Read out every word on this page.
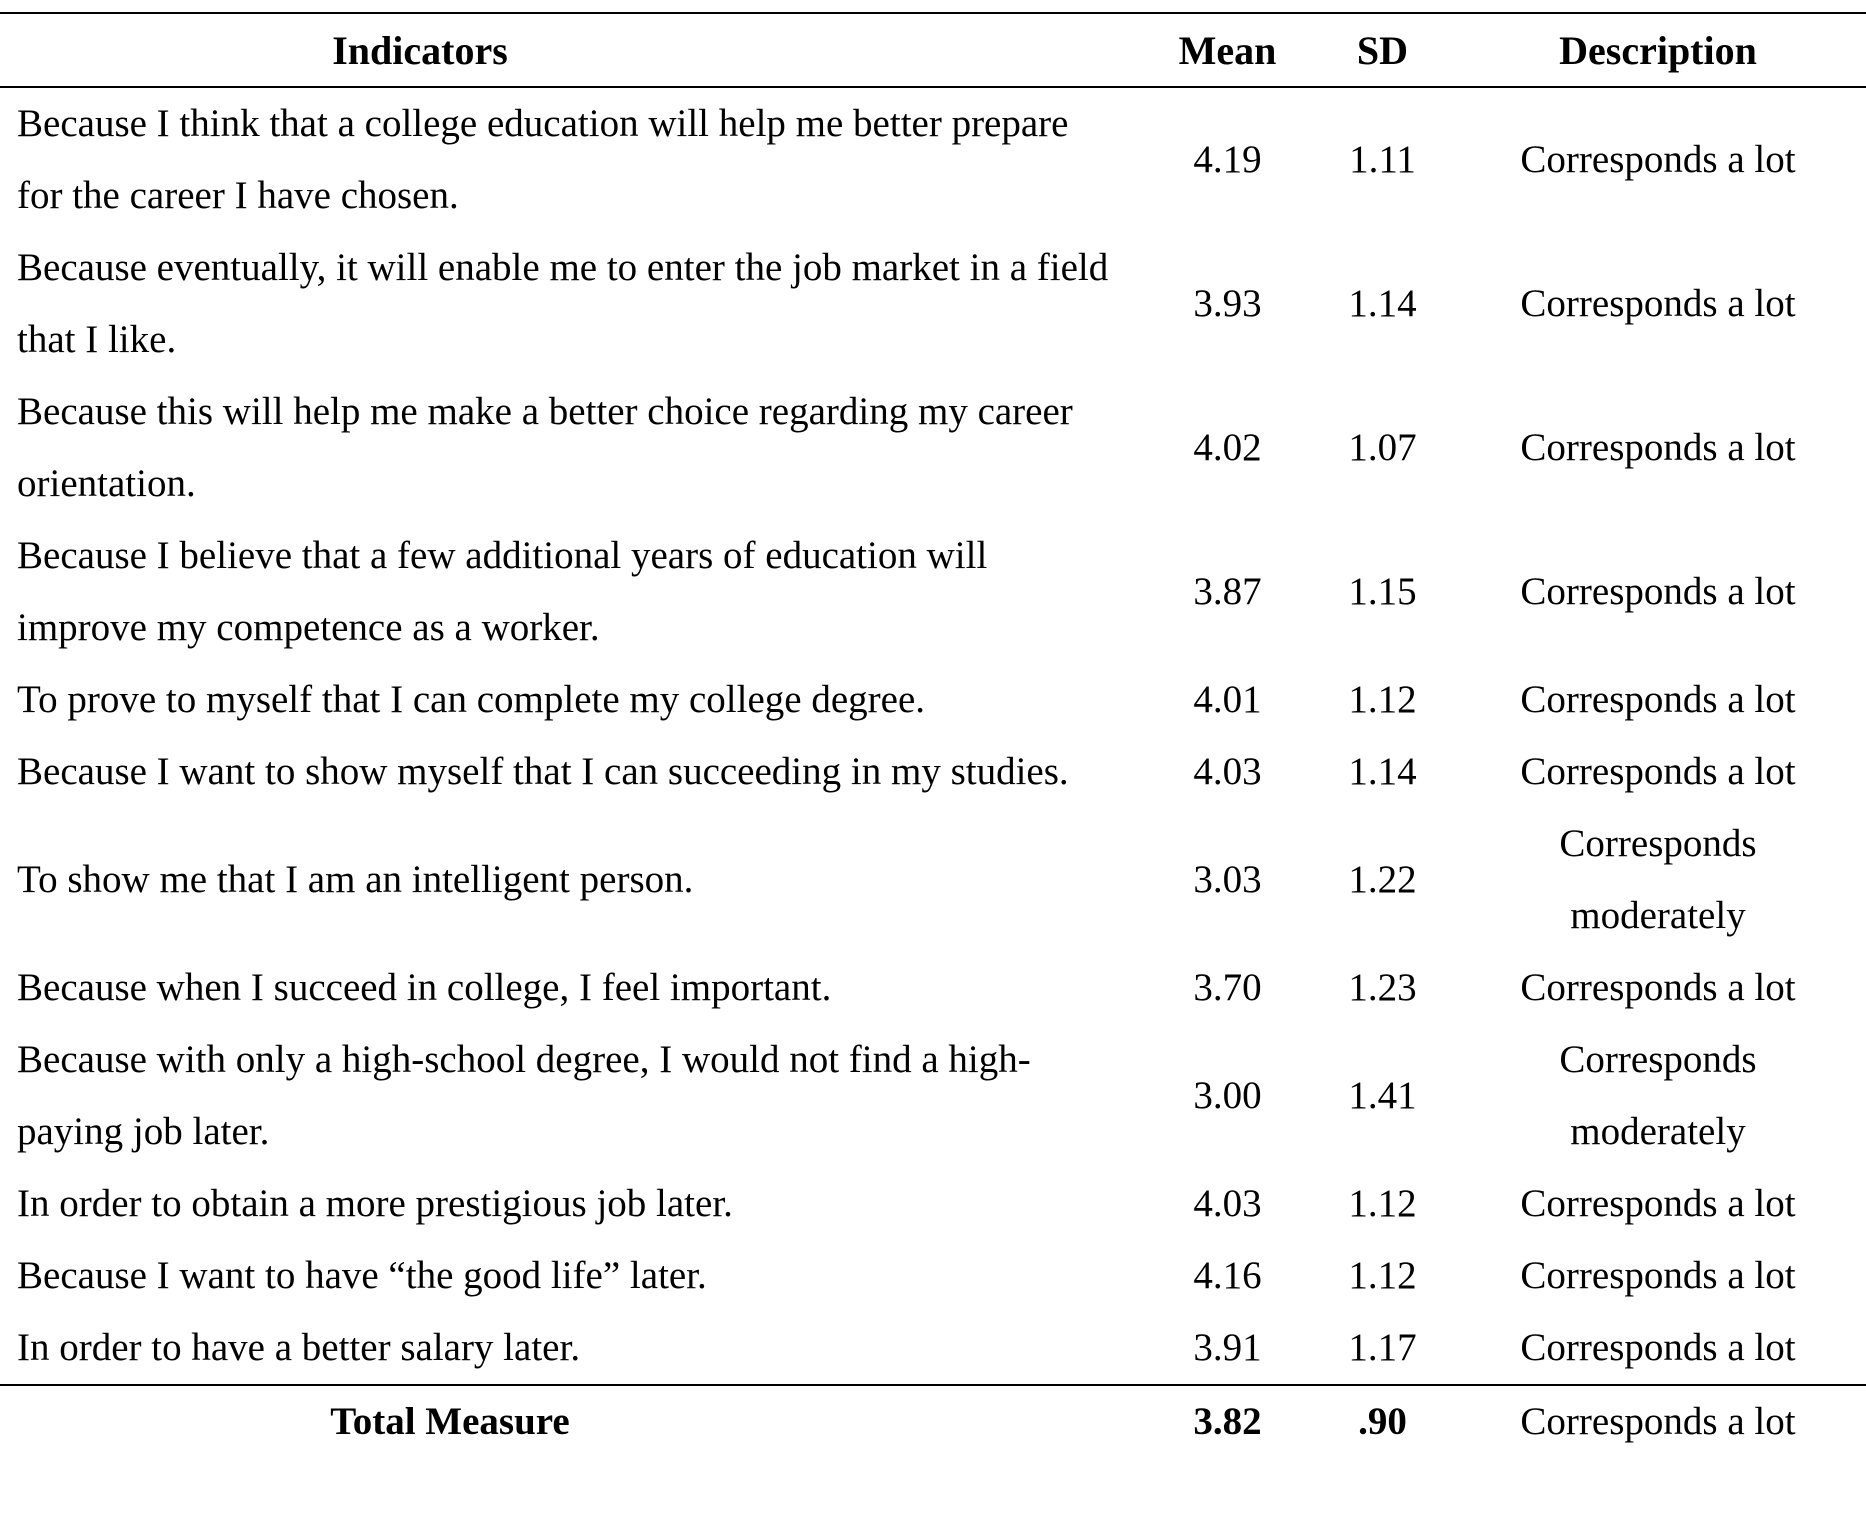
Indicators	Mean	SD	Description
Because I think that a college education will help me better prepare for the career I have chosen.	4.19	1.11	Corresponds a lot
Because eventually, it will enable me to enter the job market in a field that I like.	3.93	1.14	Corresponds a lot
Because this will help me make a better choice regarding my career orientation.	4.02	1.07	Corresponds a lot
Because I believe that a few additional years of education will improve my competence as a worker.	3.87	1.15	Corresponds a lot
To prove to myself that I can complete my college degree.	4.01	1.12	Corresponds a lot
Because I want to show myself that I can succeeding in my studies.	4.03	1.14	Corresponds a lot
To show me that I am an intelligent person.	3.03	1.22	Corresponds moderately
Because when I succeed in college, I feel important.	3.70	1.23	Corresponds a lot
Because with only a high-school degree, I would not find a high-paying job later.	3.00	1.41	Corresponds moderately
In order to obtain a more prestigious job later.	4.03	1.12	Corresponds a lot
Because I want to have “the good life” later.	4.16	1.12	Corresponds a lot
In order to have a better salary later.	3.91	1.17	Corresponds a lot
Total Measure	3.82	.90	Corresponds a lot
